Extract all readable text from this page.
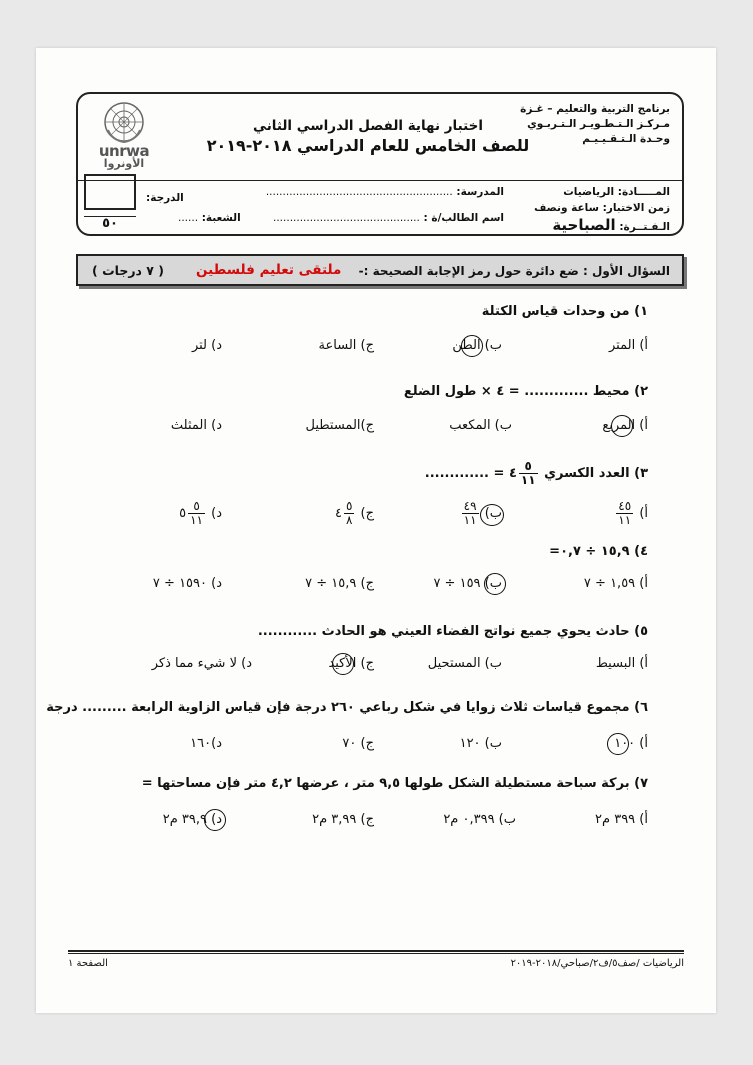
برنامج التربية والتعليم – غـزة
مـركـز الـتـطـويـر الـتـربـوي
وحـدة الـتـقـيـيـم
اختبار نهاية الفصل الدراسي الثاني
للصف الخامس للعام الدراسي ٢٠١٨-٢٠١٩
unrwa
الأونروا
المـــــادة: الرياضيات
زمن الاختبار: ساعة ونصف
الـفـتــرة: الصباحية
المدرسة: ........................................................
اسم الطالب/ة : ............................................
الشعبة: ......
٥٠
الدرجة:
السؤال الأول : ضع دائرة حول رمز الإجابة الصحيحة :-
ملتقى تعليم فلسطين
( ٧ درجات )
١) من وحدات قياس الكتلة
أ) المتر
ب) الطن
ج) الساعة
د) لتر
٢) محيط ............. = ٤ × طول الضلع
أ) المربع
ب) المكعب
ج)المستطيل
د) المثلث
٣) العدد الكسري
$\frac{٥}{١١}$
٤ = .............
أ)
$\frac{٤٥}{١١}$
ب)
$\frac{٤٩}{١١}$
ج)
$\frac{٥}{٨}$
٤
د)
$\frac{٥}{١١}$
٥
٤) ١٥,٩ ÷ ٠,٧=
أ) ١,٥٩ ÷ ٧
ب) ١٥٩ ÷ ٧
ج) ١٥,٩ ÷ ٧
د) ١٥٩٠ ÷ ٧
٥) حادث يحوي جميع نواتج الفضاء العيني هو الحادث ............
أ) البسيط
ب) المستحيل
ج) الأكيد
د) لا شيء مما ذكر
٦) مجموع قياسات ثلاث زوايا في شكل رباعي ٢٦٠ درجة فإن قياس الزاوية الرابعة ......... درجة
أ) ١٠٠
ب) ١٢٠
ج) ٧٠
د)١٦٠
٧) بركة سباحة مستطيلة الشكل طولها ٩,٥ متر ، عرضها ٤,٢ متر فإن مساحتها =
أ) ٣٩٩ م٢
ب) ٠,٣٩٩ م٢
ج) ٣,٩٩ م٢
د) ٣٩,٩ م٢
الصفحة ١	الرياضيات /صف٥/ف٢/صباحي/٢٠١٨-٢٠١٩
